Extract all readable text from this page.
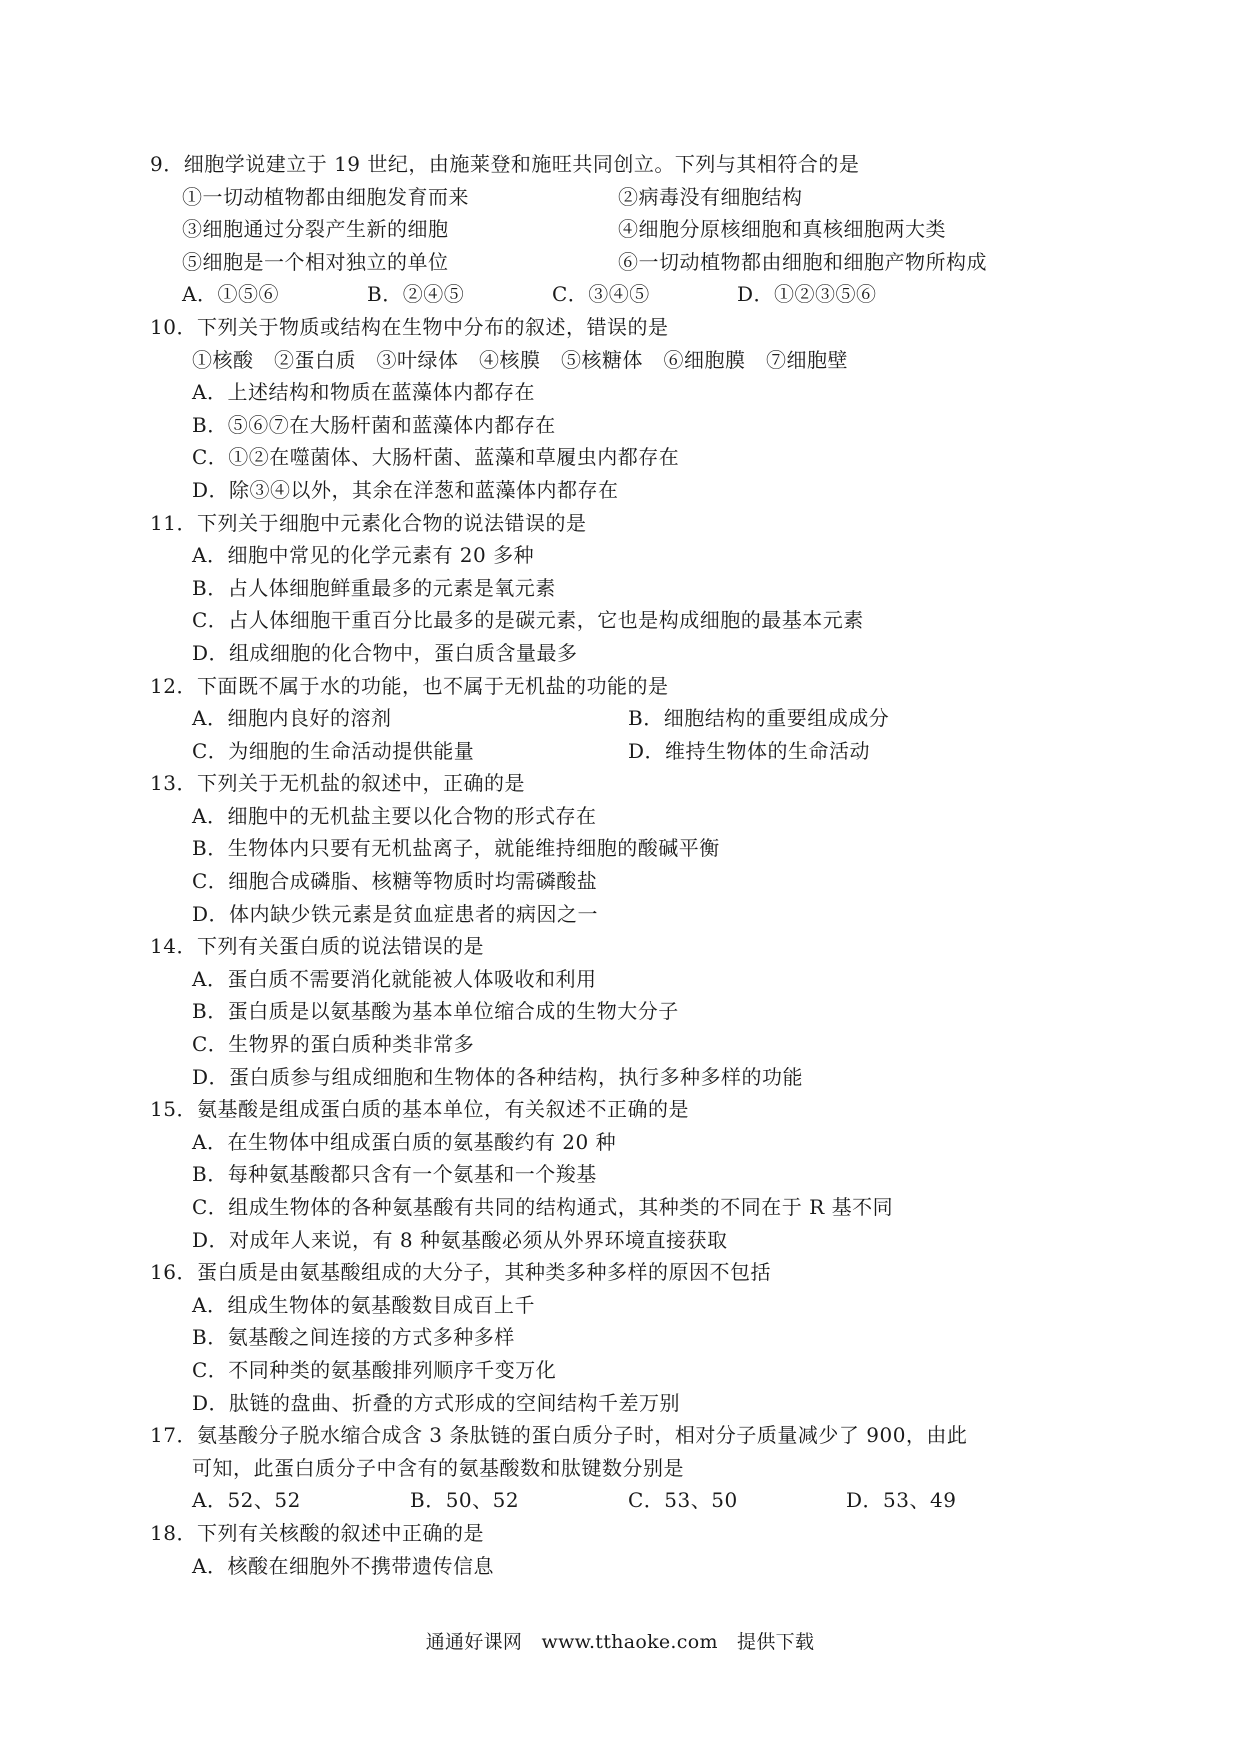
9．细胞学说建立于 19 世纪，由施莱登和施旺共同创立。下列与其相符合的是
①一切动植物都由细胞发育而来	②病毒没有细胞结构
③细胞通过分裂产生新的细胞	④细胞分原核细胞和真核细胞两大类
⑤细胞是一个相对独立的单位	⑥一切动植物都由细胞和细胞产物所构成
A．①⑤⑥	B．②④⑤	C．③④⑤	D．①②③⑤⑥
10．下列关于物质或结构在生物中分布的叙述，错误的是
①核酸　②蛋白质　③叶绿体　④核膜　⑤核糖体　⑥细胞膜　⑦细胞壁
A．上述结构和物质在蓝藻体内都存在
B．⑤⑥⑦在大肠杆菌和蓝藻体内都存在
C．①②在噬菌体、大肠杆菌、蓝藻和草履虫内都存在
D．除③④以外，其余在洋葱和蓝藻体内都存在
11．下列关于细胞中元素化合物的说法错误的是
A．细胞中常见的化学元素有 20 多种
B．占人体细胞鲜重最多的元素是氧元素
C．占人体细胞干重百分比最多的是碳元素，它也是构成细胞的最基本元素
D．组成细胞的化合物中，蛋白质含量最多
12．下面既不属于水的功能，也不属于无机盐的功能的是
A．细胞内良好的溶剂	B．细胞结构的重要组成成分
C．为细胞的生命活动提供能量	D．维持生物体的生命活动
13．下列关于无机盐的叙述中，正确的是
A．细胞中的无机盐主要以化合物的形式存在
B．生物体内只要有无机盐离子，就能维持细胞的酸碱平衡
C．细胞合成磷脂、核糖等物质时均需磷酸盐
D．体内缺少铁元素是贫血症患者的病因之一
14．下列有关蛋白质的说法错误的是
A．蛋白质不需要消化就能被人体吸收和利用
B．蛋白质是以氨基酸为基本单位缩合成的生物大分子
C．生物界的蛋白质种类非常多
D．蛋白质参与组成细胞和生物体的各种结构，执行多种多样的功能
15．氨基酸是组成蛋白质的基本单位，有关叙述不正确的是
A．在生物体中组成蛋白质的氨基酸约有 20 种
B．每种氨基酸都只含有一个氨基和一个羧基
C．组成生物体的各种氨基酸有共同的结构通式，其种类的不同在于 R 基不同
D．对成年人来说，有 8 种氨基酸必须从外界环境直接获取
16．蛋白质是由氨基酸组成的大分子，其种类多种多样的原因不包括
A．组成生物体的氨基酸数目成百上千
B．氨基酸之间连接的方式多种多样
C．不同种类的氨基酸排列顺序千变万化
D．肽链的盘曲、折叠的方式形成的空间结构千差万别
17．氨基酸分子脱水缩合成含 3 条肽链的蛋白质分子时，相对分子质量减少了 900，由此
可知，此蛋白质分子中含有的氨基酸数和肽键数分别是
A．52、52	B．50、52	C．53、50	D．53、49
18．下列有关核酸的叙述中正确的是
A．核酸在细胞外不携带遗传信息
通通好课网　www.tthaoke.com　提供下载
